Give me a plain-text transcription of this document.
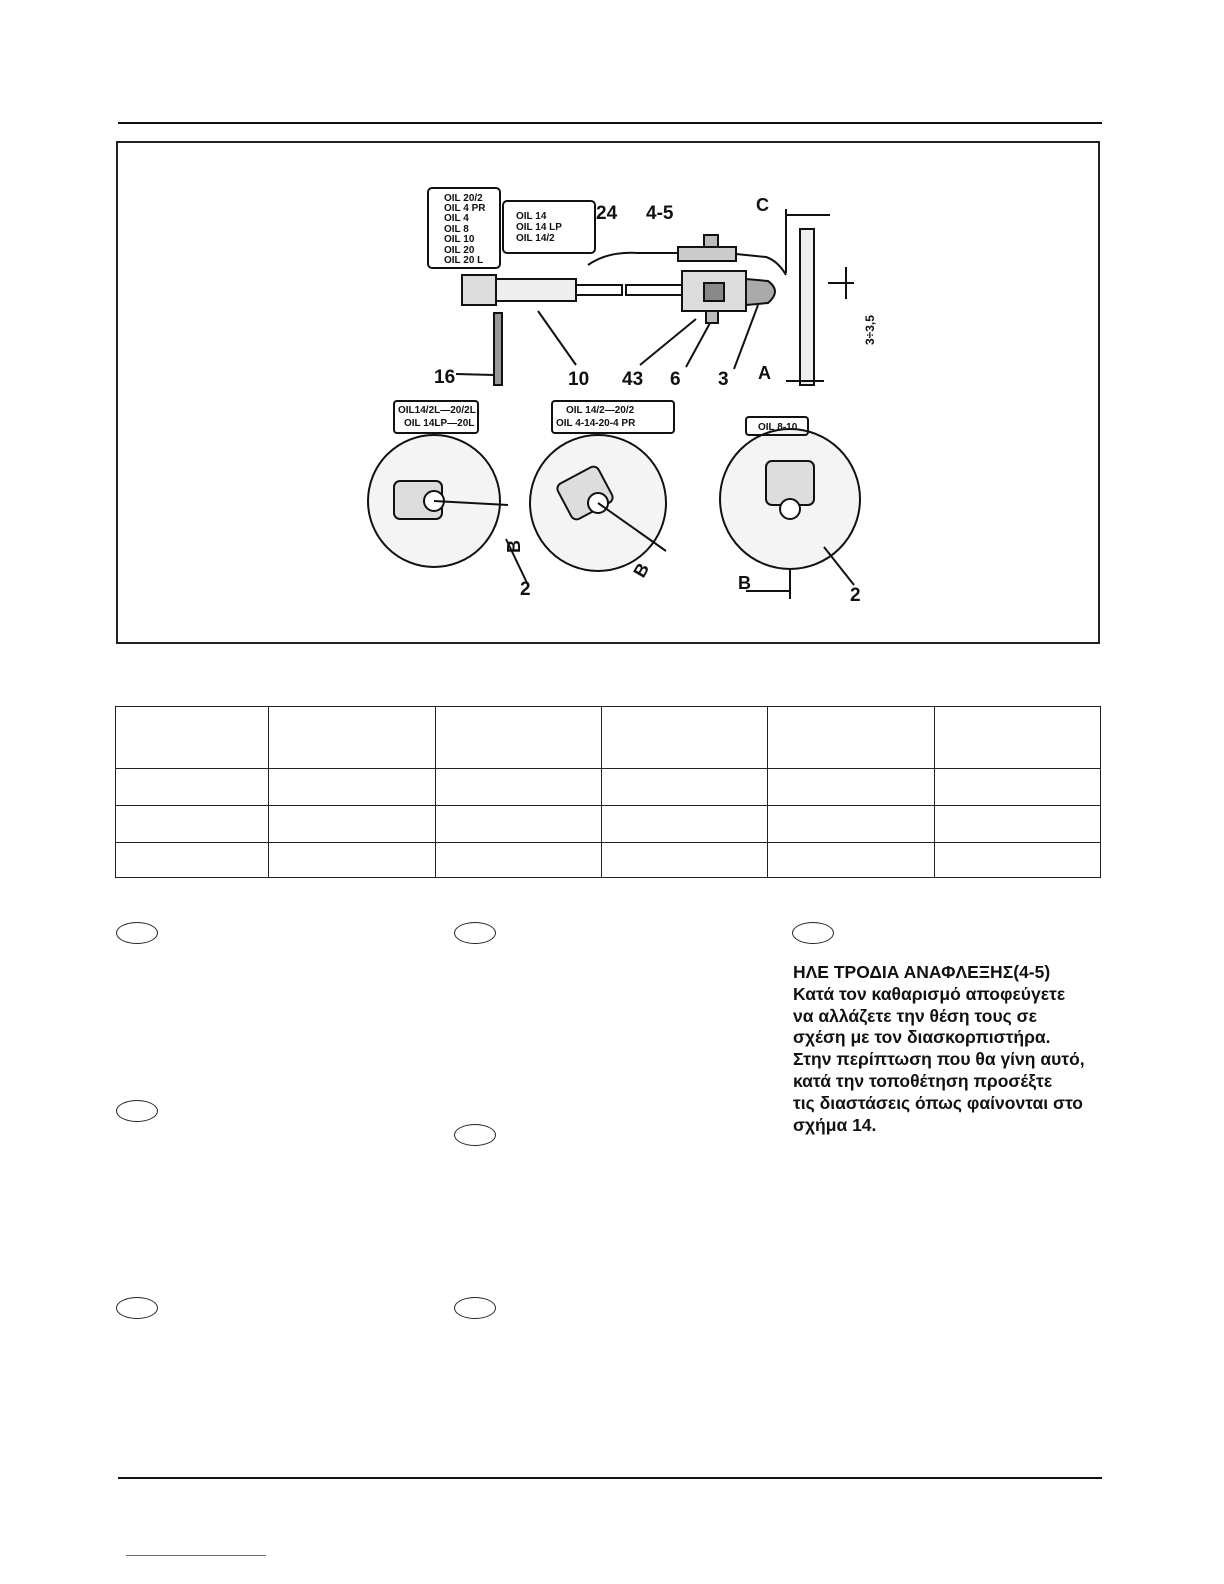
OIL 20/2
OIL 4 PR
OIL 4
OIL 8
OIL 10
OIL 20
OIL 20 L
OIL 14
OIL 14 LP
OIL 14/2
24 4-5
16	10 43 6 3
2	2
C
A
B
B
B
3÷3,5
OIL14/2L—20/2L
OIL 14LP—20L
OIL 14/2—20/2
OIL 4-14-20-4 PR	OIL 8-10

ΗΛΕ ΤΡΟΔΙΑ ΑΝΑΦΛΕΞΗΣ(4-5)

Κατά τον καθαρισμό αποφεύγετε

να αλλάζετε την θέση τους σε

σχέση με τον διασκορπιστήρα.

Στην περίπτωση που θα γίνη αυτό,

κατά την τοποθέτηση προσέξτε

τις διαστάσεις όπως φαίνονται στο

σχήμα 14.
